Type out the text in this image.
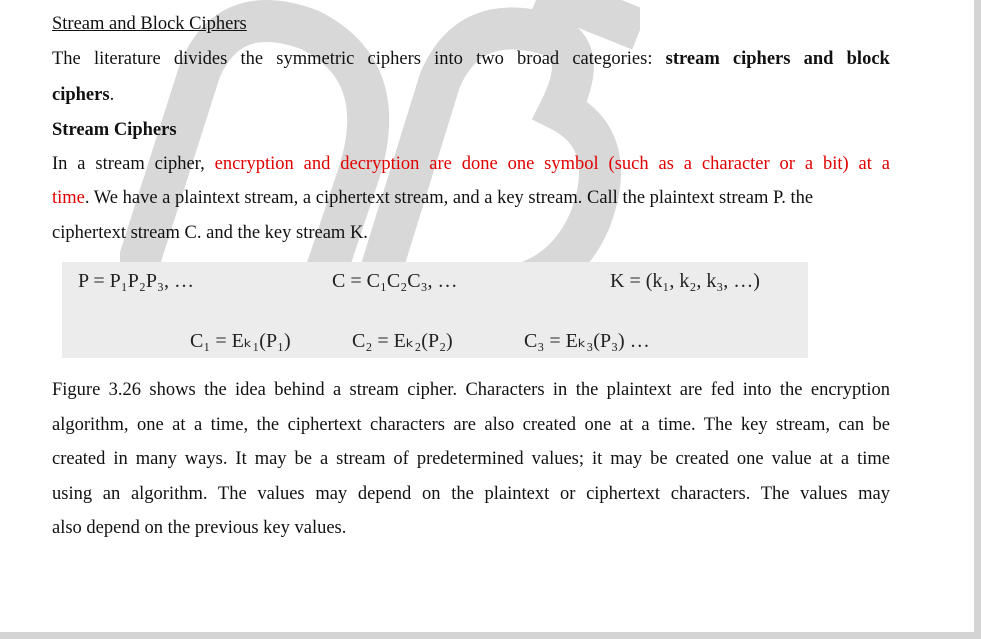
Stream and Block Ciphers
The literature divides the symmetric ciphers into two broad categories: stream ciphers and block
ciphers.
Stream Ciphers
In a stream cipher, encryption and decryption are done one symbol (such as a character or a bit) at a
time. We have a plaintext stream, a ciphertext stream, and a key stream. Call the plaintext stream P. the
ciphertext stream C. and the key stream K.
P = P₁P₂P₃, …	C = C₁C₂C₃, …	K = (k₁, k₂, k₃, …)
C₁ = Eₖ₁(P₁)	C₂ = Eₖ₂(P₂)	C₃ = Eₖ₃(P₃) …
Figure 3.26 shows the idea behind a stream cipher. Characters in the plaintext are fed into the encryption
algorithm, one at a time, the ciphertext characters are also created one at a time. The key stream, can be
created in many ways. It may be a stream of predetermined values; it may be created one value at a time
using an algorithm. The values may depend on the plaintext or ciphertext characters. The values may
also depend on the previous key values.
